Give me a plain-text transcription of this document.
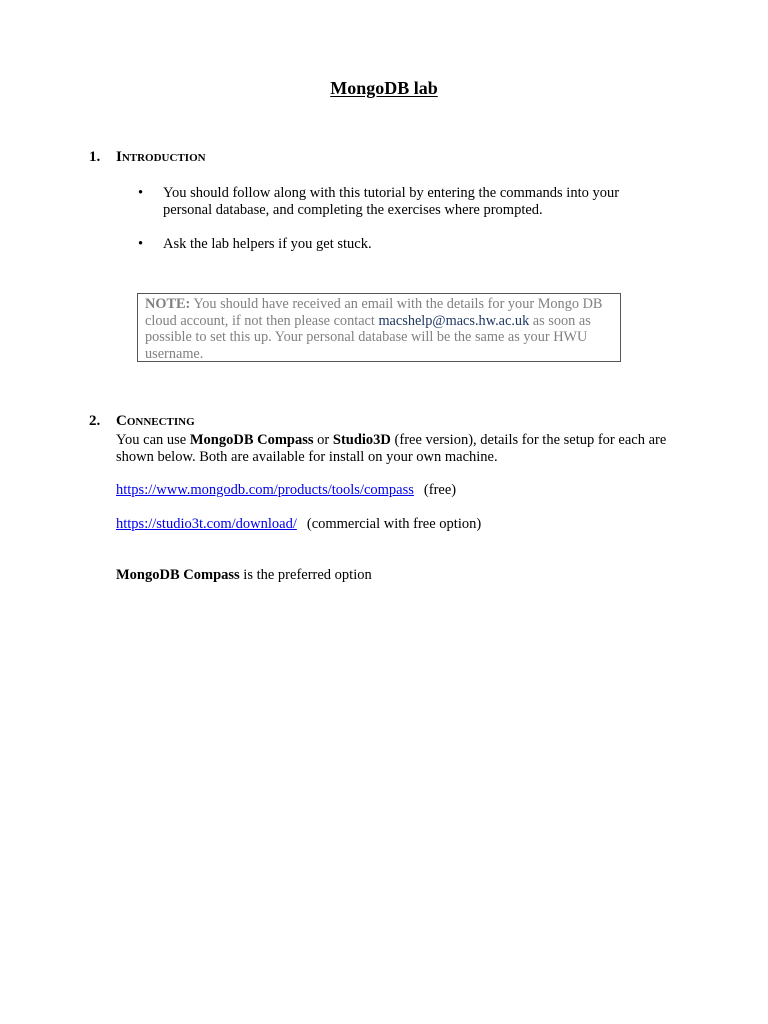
MongoDB lab
1. Introduction
• You should follow along with this tutorial by entering the commands into your personal database, and completing the exercises where prompted.
• Ask the lab helpers if you get stuck.
NOTE: You should have received an email with the details for your Mongo DB cloud account, if not then please contact macshelp@macs.hw.ac.uk as soon as possible to set this up. Your personal database will be the same as your HWU username.
2. Connecting
You can use MongoDB Compass or Studio3D (free version), details for the setup for each are shown below. Both are available for install on your own machine.
https://www.mongodb.com/products/tools/compass (free)
https://studio3t.com/download/ (commercial with free option)
MongoDB Compass is the preferred option
